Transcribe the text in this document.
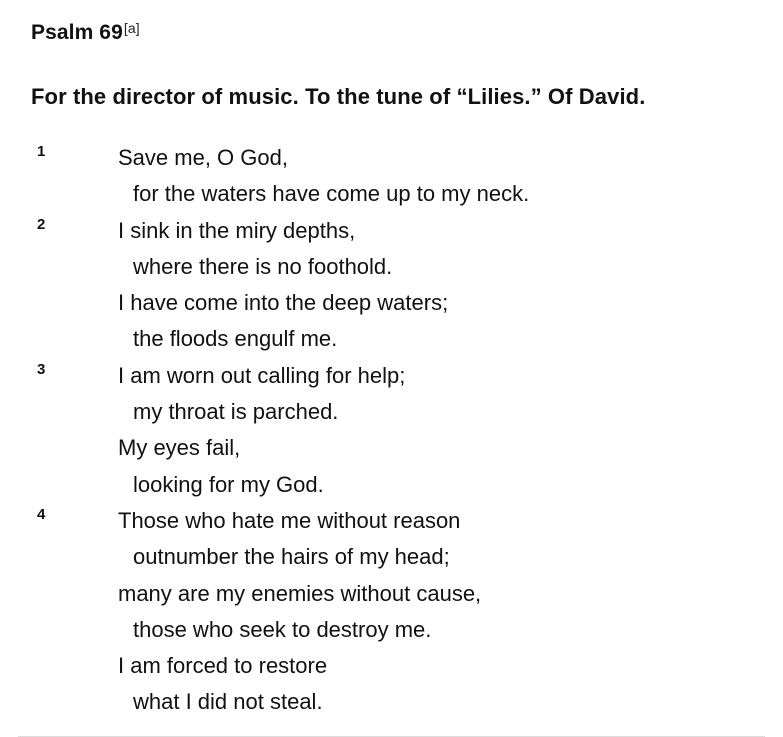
Psalm 69[a]
For the director of music. To the tune of “Lilies.” Of David.
1	Save me, O God,
for the waters have come up to my neck.
2	I sink in the miry depths,
where there is no foothold.
I have come into the deep waters;
the floods engulf me.
3	I am worn out calling for help;
my throat is parched.
My eyes fail,
looking for my God.
4	Those who hate me without reason
outnumber the hairs of my head;
many are my enemies without cause,
those who seek to destroy me.
I am forced to restore
what I did not steal.
